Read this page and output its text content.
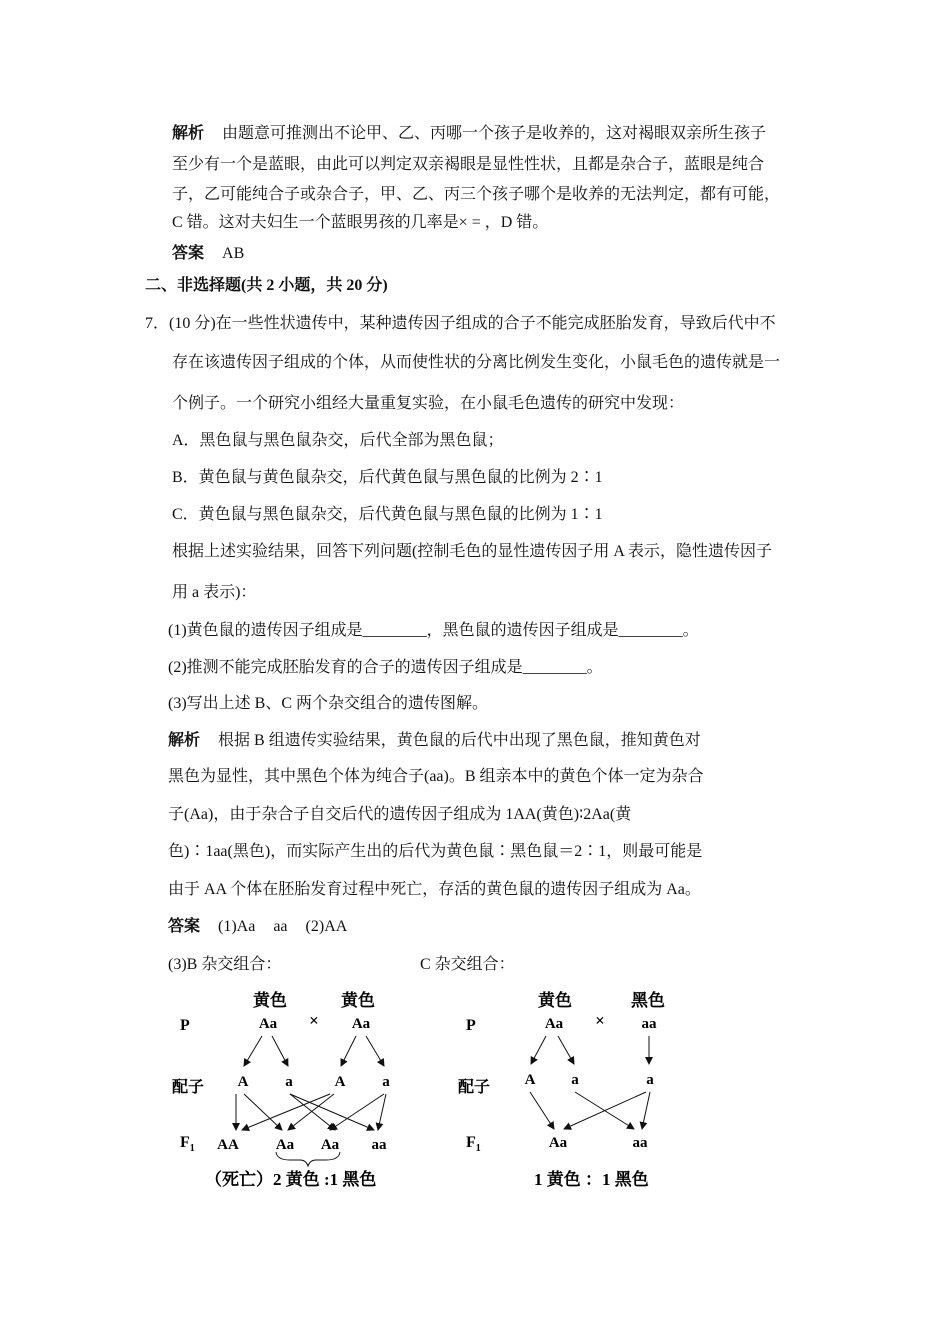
解析 由题意可推测出不论甲、乙、丙哪一个孩子是收养的，这对褐眼双亲所生孩子
至少有一个是蓝眼，由此可以判定双亲褐眼是显性性状，且都是杂合子，蓝眼是纯合
子，乙可能纯合子或杂合子，甲、乙、丙三个孩子哪个是收养的无法判定，都有可能，
C 错。这对夫妇生一个蓝眼男孩的几率是× = ，D 错。
答案 AB
二、非选择题(共 2 小题，共 20 分)
7．(10 分)在一些性状遗传中，某种遗传因子组成的合子不能完成胚胎发育，导致后代中不
存在该遗传因子组成的个体，从而使性状的分离比例发生变化，小鼠毛色的遗传就是一
个例子。一个研究小组经大量重复实验，在小鼠毛色遗传的研究中发现：
A．黑色鼠与黑色鼠杂交，后代全部为黑色鼠；
B．黄色鼠与黄色鼠杂交，后代黄色鼠与黑色鼠的比例为 2∶1
C．黄色鼠与黑色鼠杂交，后代黄色鼠与黑色鼠的比例为 1∶1
根据上述实验结果，回答下列问题(控制毛色的显性遗传因子用 A 表示，隐性遗传因子
用 a 表示)：
(1)黄色鼠的遗传因子组成是________，黑色鼠的遗传因子组成是________。
(2)推测不能完成胚胎发育的合子的遗传因子组成是________。
(3)写出上述 B、C 两个杂交组合的遗传图解。
解析 根据 B 组遗传实验结果，黄色鼠的后代中出现了黑色鼠，推知黄色对
黑色为显性，其中黑色个体为纯合子(aa)。B 组亲本中的黄色个体一定为杂合
子(Aa)，由于杂合子自交后代的遗传因子组成为 1AA(黄色)∶2Aa(黄
色)∶1aa(黑色)，而实际产生出的后代为黄色鼠∶黑色鼠＝2∶1，则最可能是
由于 AA 个体在胚胎发育过程中死亡，存活的黄色鼠的遗传因子组成为 Aa。
答案 (1)Aa aa (2)AA
(3)B 杂交组合：	C 杂交组合：
P
配子
$F_1$
黄色
Aa ×
黄色
Aa
A a	A a
AA Aa Aa aa
（死亡）2 黄色 :1 黑色
P
配子
$F_1$
黄色
Aa ×
黑色
aa
A a	a
Aa	aa
1 黄色 ：1 黑色
